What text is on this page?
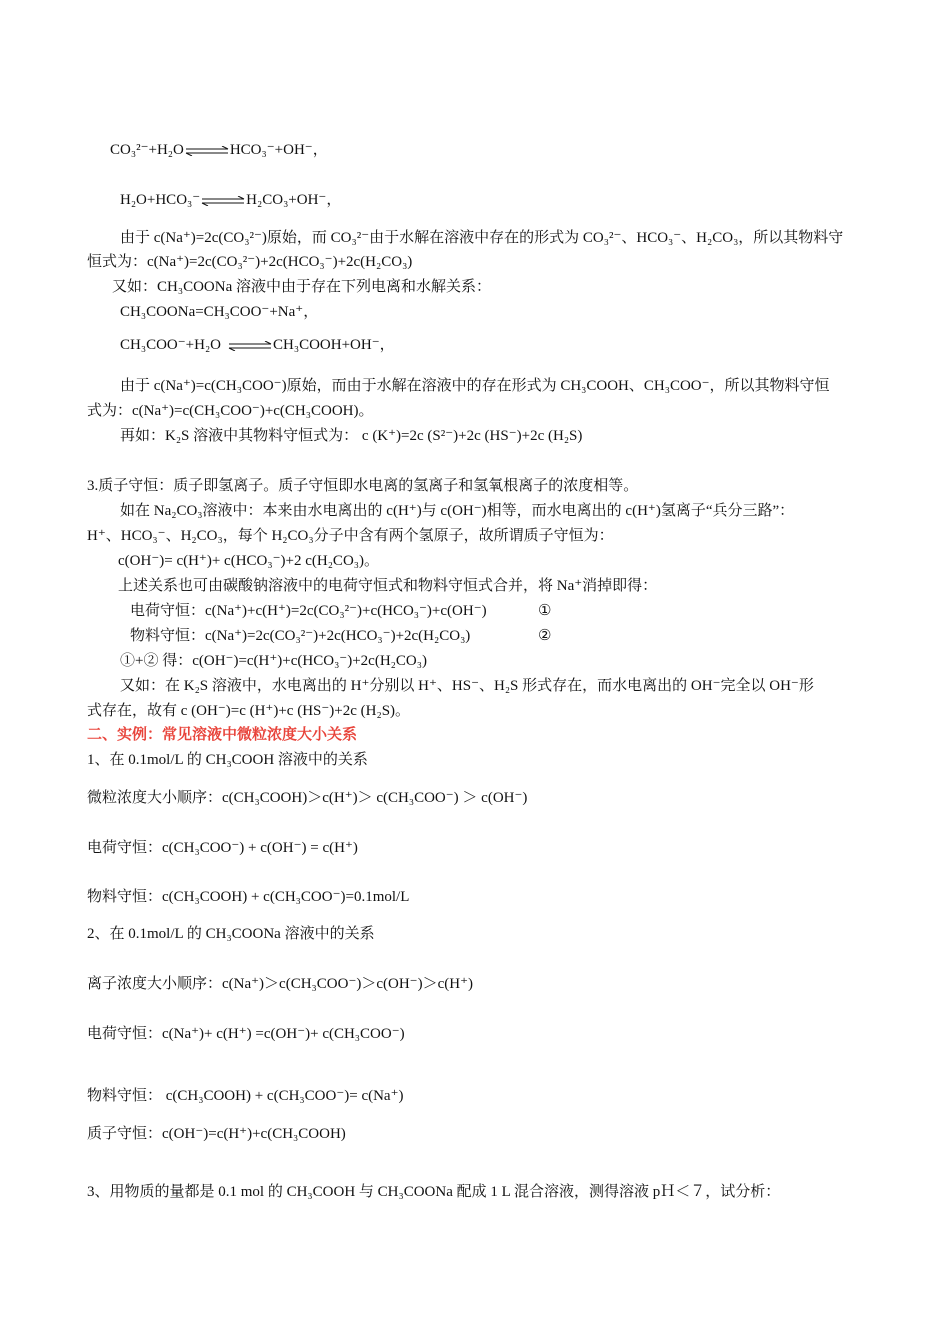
CO₃²⁻+H₂O⇌HCO₃⁻+OH⁻，
H₂O+HCO₃⁻⇌H₂CO₃+OH⁻，
由于 c(Na⁺)=2c(CO₃²⁻)原始，而 CO₃²⁻由于水解在溶液中存在的形式为 CO₃²⁻、HCO₃⁻、H₂CO₃，所以其物料守
恒式为：c(Na⁺)=2c(CO₃²⁻)+2c(HCO₃⁻)+2c(H₂CO₃)
又如：CH₃COONa 溶液中由于存在下列电离和水解关系：
CH₃COONa=CH₃COO⁻+Na⁺，
CH₃COO⁻+H₂O ⇌CH₃COOH+OH⁻，
由于 c(Na⁺)=c(CH₃COO⁻)原始，而由于水解在溶液中的存在形式为 CH₃COOH、CH₃COO⁻，所以其物料守恒
式为：c(Na⁺)=c(CH₃COO⁻)+c(CH₃COOH)。
再如：K₂S 溶液中其物料守恒式为： c (K⁺)=2c (S²⁻)+2c (HS⁻)+2c (H₂S)
3.质子守恒：质子即氢离子。质子守恒即水电离的氢离子和氢氧根离子的浓度相等。
如在 Na₂CO₃溶液中：本来由水电离出的 c(H⁺)与 c(OH⁻)相等，而水电离出的 c(H⁺)氢离子“兵分三路”：
H⁺、HCO₃⁻、H₂CO₃，每个 H₂CO₃分子中含有两个氢原子，故所谓质子守恒为：
c(OH⁻)= c(H⁺)+ c(HCO₃⁻)+2 c(H₂CO₃)。
上述关系也可由碳酸钠溶液中的电荷守恒式和物料守恒式合并，将 Na⁺消掉即得：
电荷守恒：c(Na⁺)+c(H⁺)=2c(CO₃²⁻)+c(HCO₃⁻)+c(OH⁻)	①
物料守恒：c(Na⁺)=2c(CO₃²⁻)+2c(HCO₃⁻)+2c(H₂CO₃)	②
①+② 得：c(OH⁻)=c(H⁺)+c(HCO₃⁻)+2c(H₂CO₃)
又如：在 K₂S 溶液中，水电离出的 H⁺分别以 H⁺、HS⁻、H₂S 形式存在，而水电离出的 OH⁻完全以 OH⁻形
式存在，故有 c (OH⁻)=c (H⁺)+c (HS⁻)+2c (H₂S)。
二、实例：常见溶液中微粒浓度大小关系
1、在 0.1mol/L 的 CH₃COOH 溶液中的关系
微粒浓度大小顺序：c(CH₃COOH)＞c(H⁺)＞ c(CH₃COO⁻) ＞ c(OH⁻)
电荷守恒：c(CH₃COO⁻) + c(OH⁻) = c(H⁺)
物料守恒：c(CH₃COOH) + c(CH₃COO⁻)=0.1mol/L
2、在 0.1mol/L 的 CH₃COONa 溶液中的关系
离子浓度大小顺序：c(Na⁺)＞c(CH₃COO⁻)＞c(OH⁻)＞c(H⁺)
电荷守恒：c(Na⁺)+ c(H⁺) =c(OH⁻)+ c(CH₃COO⁻)
物料守恒： c(CH₃COOH) + c(CH₃COO⁻)= c(Na⁺)
质子守恒：c(OH⁻)=c(H⁺)+c(CH₃COOH)
3、用物质的量都是 0.1 mol 的 CH₃COOH 与 CH₃COONa 配成 1 L 混合溶液，测得溶液 pＨ＜７，试分析：
